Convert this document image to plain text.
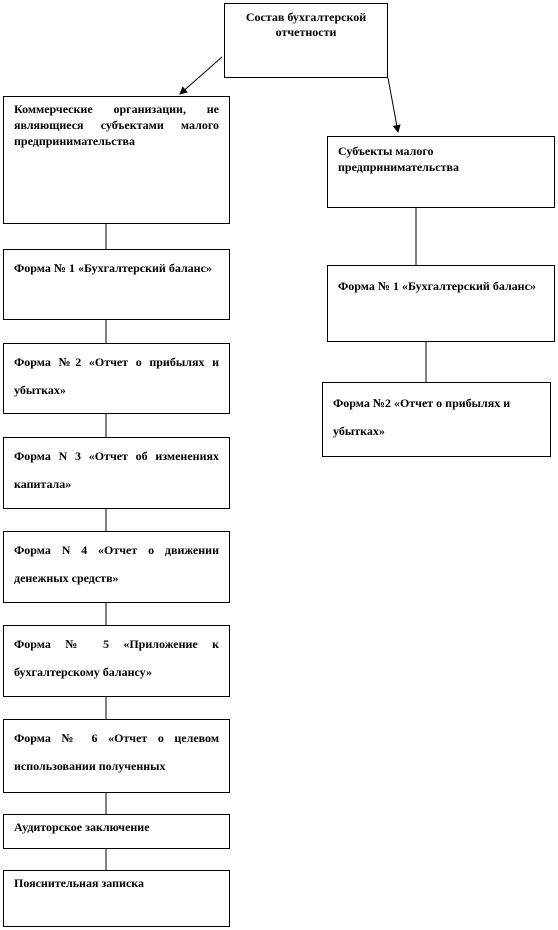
Состав бухгалтерской отчетности
Коммерческие организации, не являющиеся субъектами малого предпринимательства
Форма № 1 «Бухгалтерский баланс»
Форма №2 «Отчет о прибылях и убытках»
Форма N 3 «Отчет об изменениях капитала»
Форма N 4 «Отчет о движении денежных средств»
Форма № 5 «Приложение к бухгалтерскому балансу»
Форма № 6 «Отчет о целевом использовании полученных
Аудиторское заключение
Пояснительная записка
Субъекты малого предпринимательства
Форма № 1 «Бухгалтерский баланс»
Форма №2 «Отчет о прибылях и убытках»
